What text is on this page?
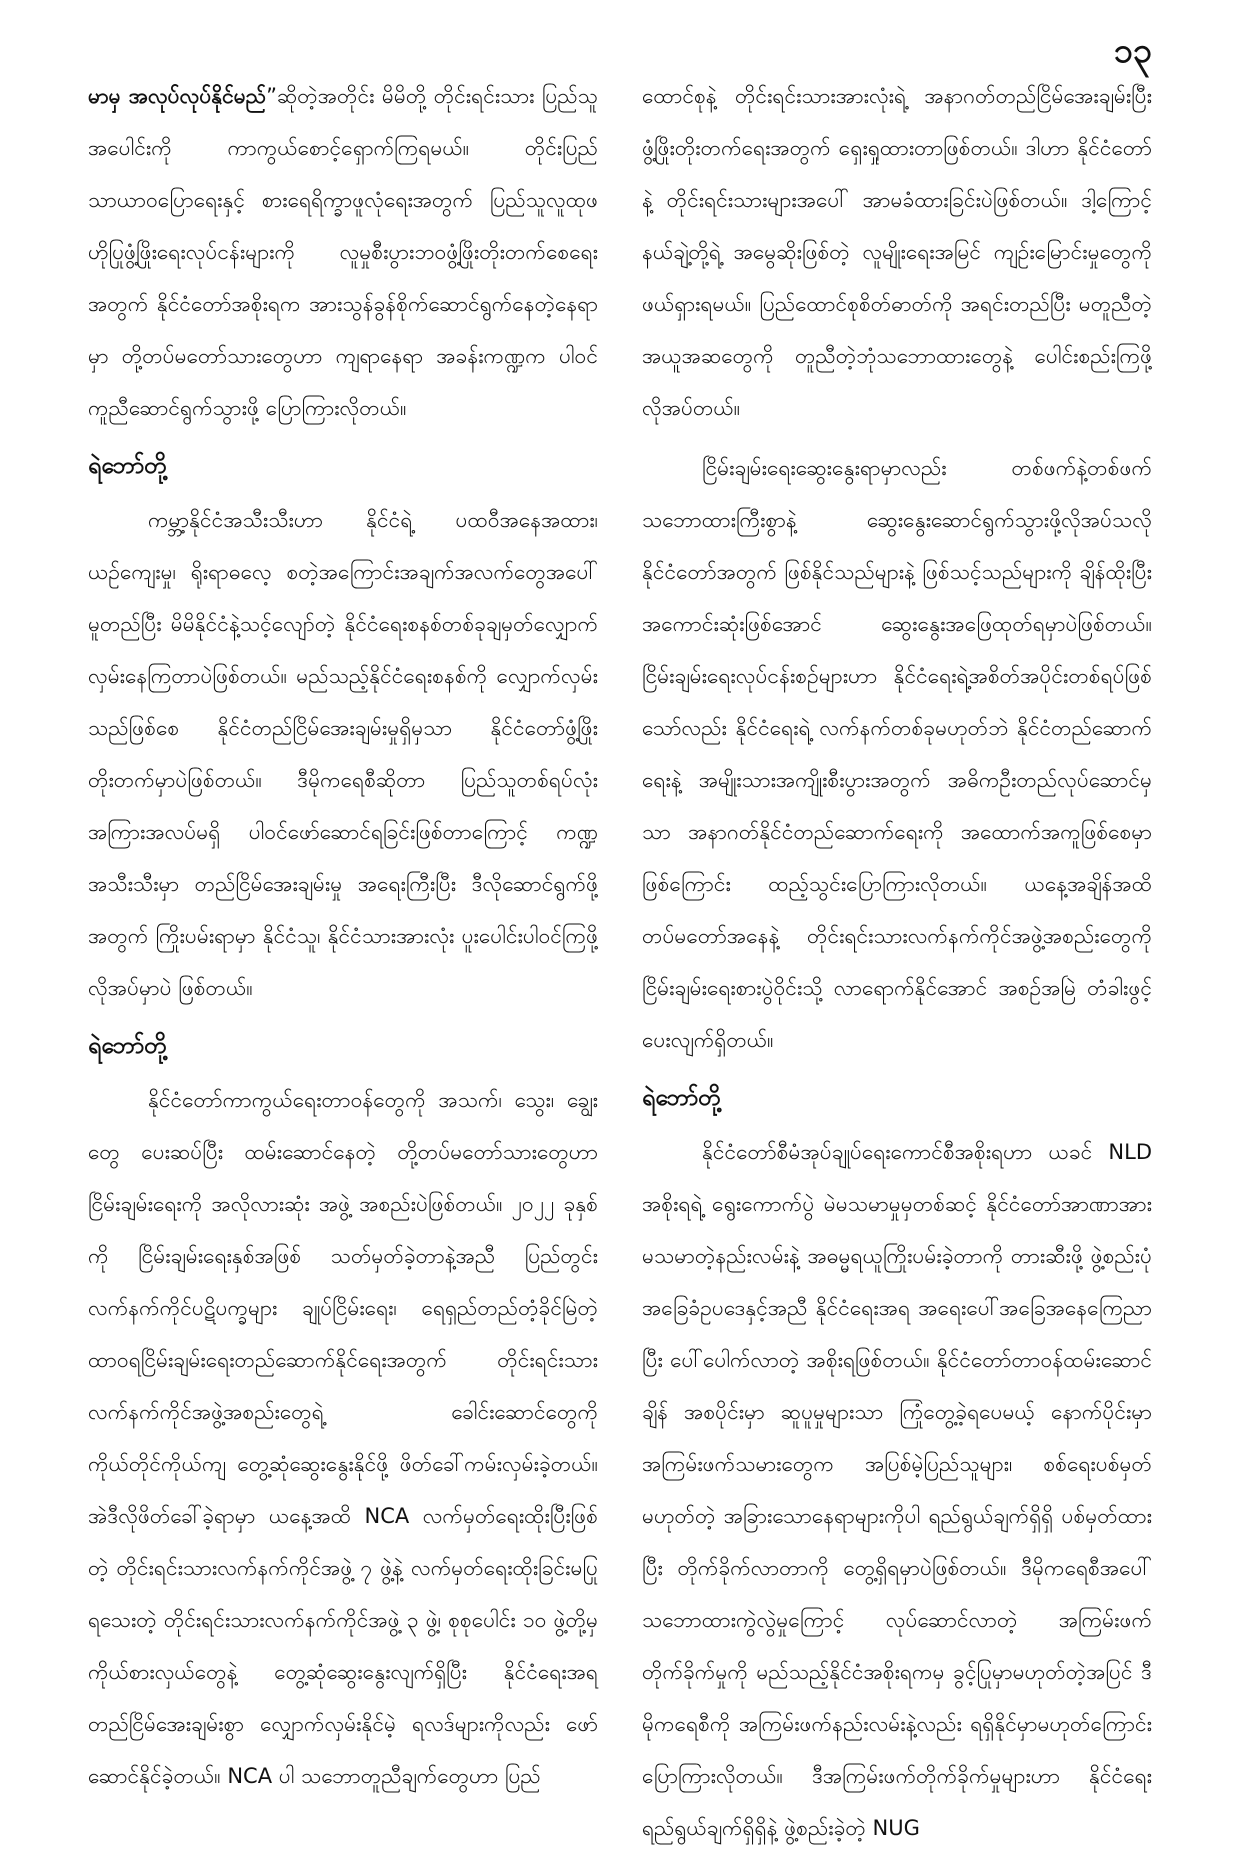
၁၃

မာမှ အလုပ်လုပ်နိုင်မည်”ဆိုတဲ့အတိုင်း မိမိတို့ တိုင်းရင်းသား ပြည်သူအပေါင်းကို ကာကွယ်စောင့်ရှောက်ကြရမယ်။ တိုင်းပြည်သာယာဝပြောရေးနှင့် စားရေရိက္ခာဖူလုံရေးအတွက် ပြည်သူလူထုဖဟိုပြုဖွံ့ဖြိုးရေးလုပ်ငန်းများကို လူမှုစီးပွားဘဝဖွံ့ဖြိုးတိုးတက်စေရေးအတွက် နိုင်ငံတော်အစိုးရက အားသွန်ခွန်စိုက်ဆောင်ရွက်နေတဲ့နေရာမှာ တို့တပ်မတော်သားတွေဟာ ကျရာနေရာ အခန်းကဏ္ဍက ပါဝင်ကူညီဆောင်ရွက်သွားဖို့ ပြောကြားလိုတယ်။

ရဲဘော်တို့

ကမ္ဘာ့နိုင်ငံအသီးသီးဟာ နိုင်ငံရဲ့ ပထဝီအနေအထား၊ ယဉ်ကျေးမှု၊ ရိုးရာဓလေ့ စတဲ့အကြောင်းအချက်အလက်တွေအပေါ်မူတည်ပြီး မိမိနိုင်ငံနဲ့သင့်လျော်တဲ့ နိုင်ငံရေးစနစ်တစ်ခုချမှတ်လျှောက်လှမ်းနေကြတာပဲဖြစ်တယ်။ မည်သည့်နိုင်ငံရေးစနစ်ကို လျှောက်လှမ်းသည်ဖြစ်စေ နိုင်ငံတည်ငြိမ်အေးချမ်းမှုရှိမှသာ နိုင်ငံတော်ဖွံ့ဖြိုးတိုးတက်မှာပဲဖြစ်တယ်။ ဒီမိုကရေစီဆိုတာ ပြည်သူတစ်ရပ်လုံး အကြားအလပ်မရှိ ပါဝင်ဖော်ဆောင်ရခြင်းဖြစ်တာကြောင့် ကဏ္ဍအသီးသီးမှာ တည်ငြိမ်အေးချမ်းမှု အရေးကြီးပြီး ဒီလိုဆောင်ရွက်ဖို့အတွက် ကြိုးပမ်းရာမှာ နိုင်ငံသူ၊ နိုင်ငံသားအားလုံး ပူးပေါင်းပါဝင်ကြဖို့လိုအပ်မှာပဲ ဖြစ်တယ်။

ရဲဘော်တို့

နိုင်ငံတော်ကာကွယ်ရေးတာဝန်တွေကို အသက်၊ သွေး၊ ချွေးတွေ ပေးဆပ်ပြီး ထမ်းဆောင်နေတဲ့ တို့တပ်မတော်သားတွေဟာ ငြိမ်းချမ်းရေးကို အလိုလားဆုံး အဖွဲ့ အစည်းပဲဖြစ်တယ်။ ၂၀၂၂ ခုနှစ်ကို ငြိမ်းချမ်းရေးနှစ်အဖြစ် သတ်မှတ်ခဲ့တာနဲ့အညီ ပြည်တွင်းလက်နက်ကိုင်ပဋိပက္ခများ ချုပ်ငြိမ်းရေး၊ ရေရှည်တည်တံ့ခိုင်မြဲတဲ့ ထာဝရငြိမ်းချမ်းရေးတည်ဆောက်နိုင်ရေးအတွက် တိုင်းရင်းသားလက်နက်ကိုင်အဖွဲ့အစည်းတွေရဲ့ ခေါင်းဆောင်တွေကို ကိုယ်တိုင်ကိုယ်ကျ တွေ့ဆုံဆွေးနွေးနိုင်ဖို့ ဖိတ်ခေါ်ကမ်းလှမ်းခဲ့တယ်။ အဲဒီလိုဖိတ်ခေါ်ခဲ့ရာမှာ ယနေ့အထိ NCA လက်မှတ်ရေးထိုးပြီးဖြစ်တဲ့ တိုင်းရင်းသားလက်နက်ကိုင်အဖွဲ့ ၇ ဖွဲ့နဲ့ လက်မှတ်ရေးထိုးခြင်းမပြုရသေးတဲ့ တိုင်းရင်းသားလက်နက်ကိုင်အဖွဲ့ ၃ ဖွဲ့၊ စုစုပေါင်း ၁၀ ဖွဲ့တို့မှ ကိုယ်စားလှယ်တွေနဲ့ တွေ့ဆုံဆွေးနွေးလျက်ရှိပြီး နိုင်ငံရေးအရ တည်ငြိမ်အေးချမ်းစွာ လျှောက်လှမ်းနိုင်မဲ့ ရလဒ်များကိုလည်း ဖော်ဆောင်နိုင်ခဲ့တယ်။ NCA ပါ သဘောတူညီချက်တွေဟာ ပြည်

ထောင်စုနဲ့ တိုင်းရင်းသားအားလုံးရဲ့ အနာဂတ်တည်ငြိမ်အေးချမ်းပြီး ဖွံ့ဖြိုးတိုးတက်ရေးအတွက် ရှေးရှုထားတာဖြစ်တယ်။ ဒါဟာ နိုင်ငံတော်နဲ့ တိုင်းရင်းသားများအပေါ် အာမခံထားခြင်းပဲဖြစ်တယ်။ ဒါ့ကြောင့် နယ်ချဲ့တို့ရဲ့ အမွေဆိုးဖြစ်တဲ့ လူမျိုးရေးအမြင် ကျဉ်းမြောင်းမှုတွေကို ဖယ်ရှားရမယ်။ ပြည်ထောင်စုစိတ်ဓာတ်ကို အရင်းတည်ပြီး မတူညီတဲ့ အယူအဆတွေကို တူညီတဲ့ဘုံသဘောထားတွေနဲ့ ပေါင်းစည်းကြဖို့ လိုအပ်တယ်။

ငြိမ်းချမ်းရေးဆွေးနွေးရာမှာလည်း တစ်ဖက်နဲ့တစ်ဖက် သဘောထားကြီးစွာနဲ့ ဆွေးနွေးဆောင်ရွက်သွားဖို့လိုအပ်သလို နိုင်ငံတော်အတွက် ဖြစ်နိုင်သည်များနဲ့ ဖြစ်သင့်သည်များကို ချိန်ထိုးပြီး အကောင်းဆုံးဖြစ်အောင် ဆွေးနွေးအဖြေထုတ်ရမှာပဲဖြစ်တယ်။ ငြိမ်းချမ်းရေးလုပ်ငန်းစဉ်များဟာ နိုင်ငံရေးရဲ့အစိတ်အပိုင်းတစ်ရပ်ဖြစ်သော်လည်း နိုင်ငံရေးရဲ့ လက်နက်တစ်ခုမဟုတ်ဘဲ နိုင်ငံတည်ဆောက်ရေးနဲ့ အမျိုးသားအကျိုးစီးပွားအတွက် အဓိကဦးတည်လုပ်ဆောင်မှသာ အနာဂတ်နိုင်ငံတည်ဆောက်ရေးကို အထောက်အကူဖြစ်စေမှာဖြစ်ကြောင်း ထည့်သွင်းပြောကြားလိုတယ်။ ယနေ့အချိန်အထိ တပ်မတော်အနေနဲ့ တိုင်းရင်းသားလက်နက်ကိုင်အဖွဲ့အစည်းတွေကို ငြိမ်းချမ်းရေးစားပွဲဝိုင်းသို့ လာရောက်နိုင်အောင် အစဉ်အမြဲ တံခါးဖွင့်ပေးလျက်ရှိတယ်။

ရဲဘော်တို့

နိုင်ငံတော်စီမံအုပ်ချုပ်ရေးကောင်စီအစိုးရဟာ ယခင် NLD အစိုးရရဲ့ ရွေးကောက်ပွဲ မဲမသမာမှုမှတစ်ဆင့် နိုင်ငံတော်အာဏာအား မသမာတဲ့နည်းလမ်းနဲ့ အဓမ္မရယူကြိုးပမ်းခဲ့တာကို တားဆီးဖို့ ဖွဲ့စည်းပုံအခြေခံဥပဒေနှင့်အညီ နိုင်ငံရေးအရ အရေးပေါ်အခြေအနေကြေညာပြီး ပေါ်ပေါက်လာတဲ့ အစိုးရဖြစ်တယ်။ နိုင်ငံတော်တာဝန်ထမ်းဆောင်ချိန် အစပိုင်းမှာ ဆူပူမှုများသာ ကြုံတွေ့ခဲ့ရပေမယ့် နောက်ပိုင်းမှာ အကြမ်းဖက်သမားတွေက အပြစ်မဲ့ပြည်သူများ၊ စစ်ရေးပစ်မှတ်မဟုတ်တဲ့ အခြားသောနေရာများကိုပါ ရည်ရွယ်ချက်ရှိရှိ ပစ်မှတ်ထားပြီး တိုက်ခိုက်လာတာကို တွေ့ရှိရမှာပဲဖြစ်တယ်။ ဒီမိုကရေစီအပေါ် သဘောထားကွဲလွဲမှုကြောင့် လုပ်ဆောင်လာတဲ့ အကြမ်းဖက်တိုက်ခိုက်မှုကို မည်သည့်နိုင်ငံအစိုးရကမှ ခွင့်ပြုမှာမဟုတ်တဲ့အပြင် ဒီမိုကရေစီကို အကြမ်းဖက်နည်းလမ်းနဲ့လည်း ရရှိနိုင်မှာမဟုတ်ကြောင်း ပြောကြားလိုတယ်။ ဒီအကြမ်းဖက်တိုက်ခိုက်မှုများဟာ နိုင်ငံရေးရည်ရွယ်ချက်ရှိရှိနဲ့ ဖွဲ့စည်းခဲ့တဲ့ NUG
